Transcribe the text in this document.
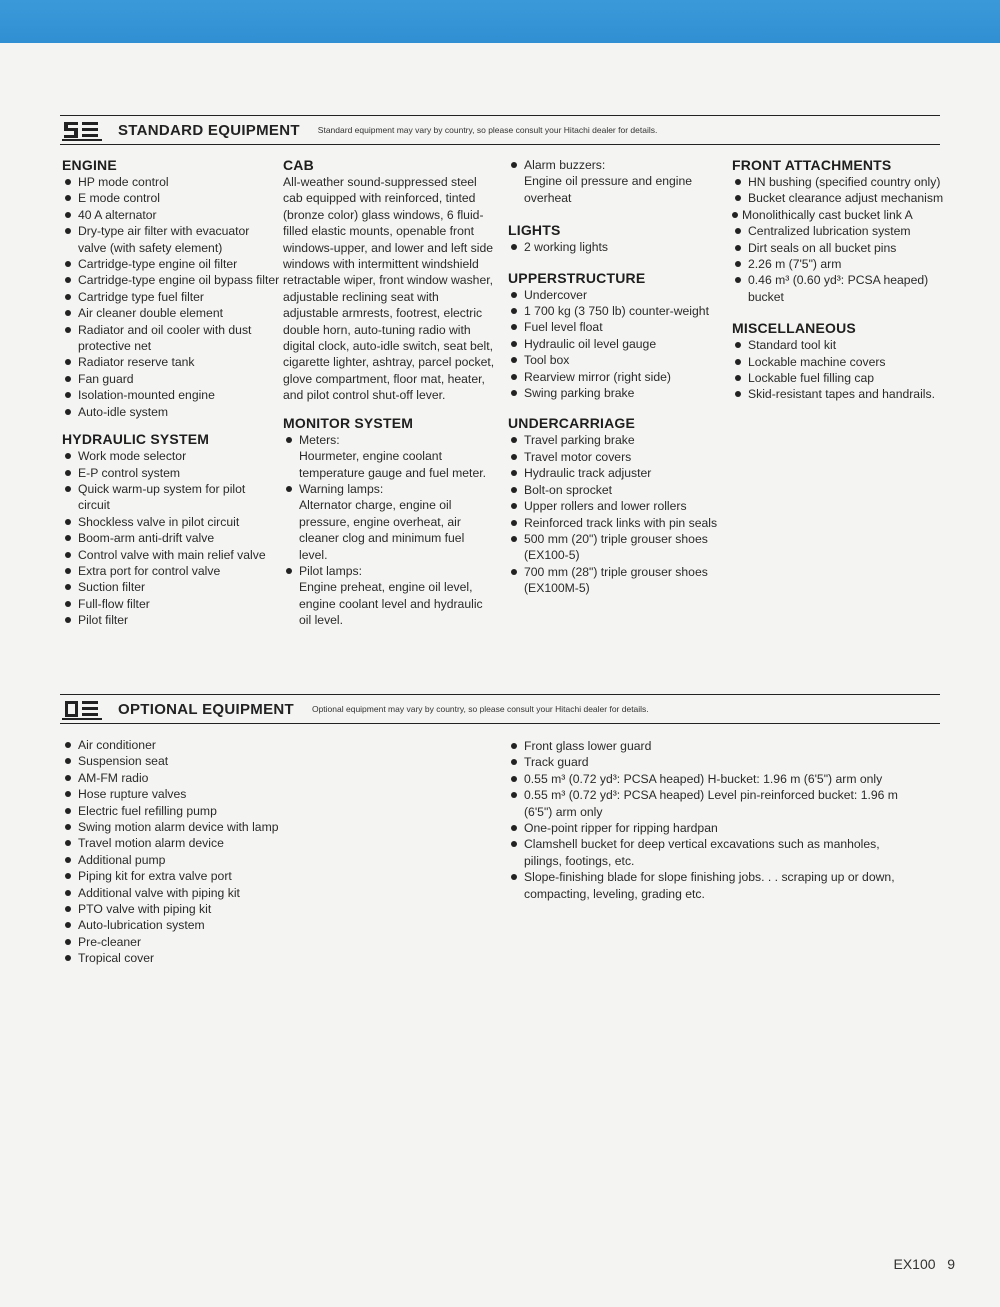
STANDARD EQUIPMENT Standard equipment may vary by country, so please consult your Hitachi dealer for details.
ENGINE
HP mode control
E mode control
40 A alternator
Dry-type air filter with evacuator valve (with safety element)
Cartridge-type engine oil filter
Cartridge-type engine oil bypass filter
Cartridge type fuel filter
Air cleaner double element
Radiator and oil cooler with dust protective net
Radiator reserve tank
Fan guard
Isolation-mounted engine
Auto-idle system
HYDRAULIC SYSTEM
Work mode selector
E-P control system
Quick warm-up system for pilot circuit
Shockless valve in pilot circuit
Boom-arm anti-drift valve
Control valve with main relief valve
Extra port for control valve
Suction filter
Full-flow filter
Pilot filter
CAB

All-weather sound-suppressed steel cab equipped with reinforced, tinted (bronze color) glass windows, 6 fluid-filled elastic mounts, openable front windows-upper, and lower and left side windows with intermittent windshield retractable wiper, front window washer, adjustable reclining seat with adjustable armrests, footrest, electric double horn, auto-tuning radio with digital clock, auto-idle switch, seat belt, cigarette lighter, ashtray, parcel pocket, glove compartment, floor mat, heater, and pilot control shut-off lever.

MONITOR SYSTEM
Meters:

Hourmeter, engine coolant temperature gauge and fuel meter.

Warning lamps:

Alternator charge, engine oil pressure, engine overheat, air cleaner clog and minimum fuel level.

Pilot lamps:

Engine preheat, engine oil level, engine coolant level and hydraulic oil level.

Alarm buzzers:

Engine oil pressure and engine overheat

LIGHTS
2 working lights
UPPERSTRUCTURE
Undercover
1 700 kg (3 750 lb) counter-weight
Fuel level float
Hydraulic oil level gauge
Tool box
Rearview mirror (right side)
Swing parking brake
UNDERCARRIAGE
Travel parking brake
Travel motor covers
Hydraulic track adjuster
Bolt-on sprocket
Upper rollers and lower rollers
Reinforced track links with pin seals
500 mm (20") triple grouser shoes (EX100-5)
700 mm (28") triple grouser shoes (EX100M-5)
FRONT ATTACHMENTS
HN bushing (specified country only)
Bucket clearance adjust mechanism
Monolithically cast bucket link A
Centralized lubrication system
Dirt seals on all bucket pins
2.26 m (7'5") arm
0.46 m³ (0.60 yd³: PCSA heaped) bucket
MISCELLANEOUS
Standard tool kit
Lockable machine covers
Lockable fuel filling cap
Skid-resistant tapes and handrails.
OPTIONAL EQUIPMENT Optional equipment may vary by country, so please consult your Hitachi dealer for details.
Air conditioner
Suspension seat
AM-FM radio
Hose rupture valves
Electric fuel refilling pump
Swing motion alarm device with lamp
Travel motion alarm device
Additional pump
Piping kit for extra valve port
Additional valve with piping kit
PTO valve with piping kit
Auto-lubrication system
Pre-cleaner
Tropical cover
Front glass lower guard
Track guard
0.55 m³ (0.72 yd³: PCSA heaped) H-bucket: 1.96 m (6'5") arm only
0.55 m³ (0.72 yd³: PCSA heaped) Level pin-reinforced bucket: 1.96 m (6'5") arm only
One-point ripper for ripping hardpan
Clamshell bucket for deep vertical excavations such as manholes, pilings, footings, etc.
Slope-finishing blade for slope finishing jobs. . . scraping up or down, compacting, leveling, grading etc.
EX100 9
